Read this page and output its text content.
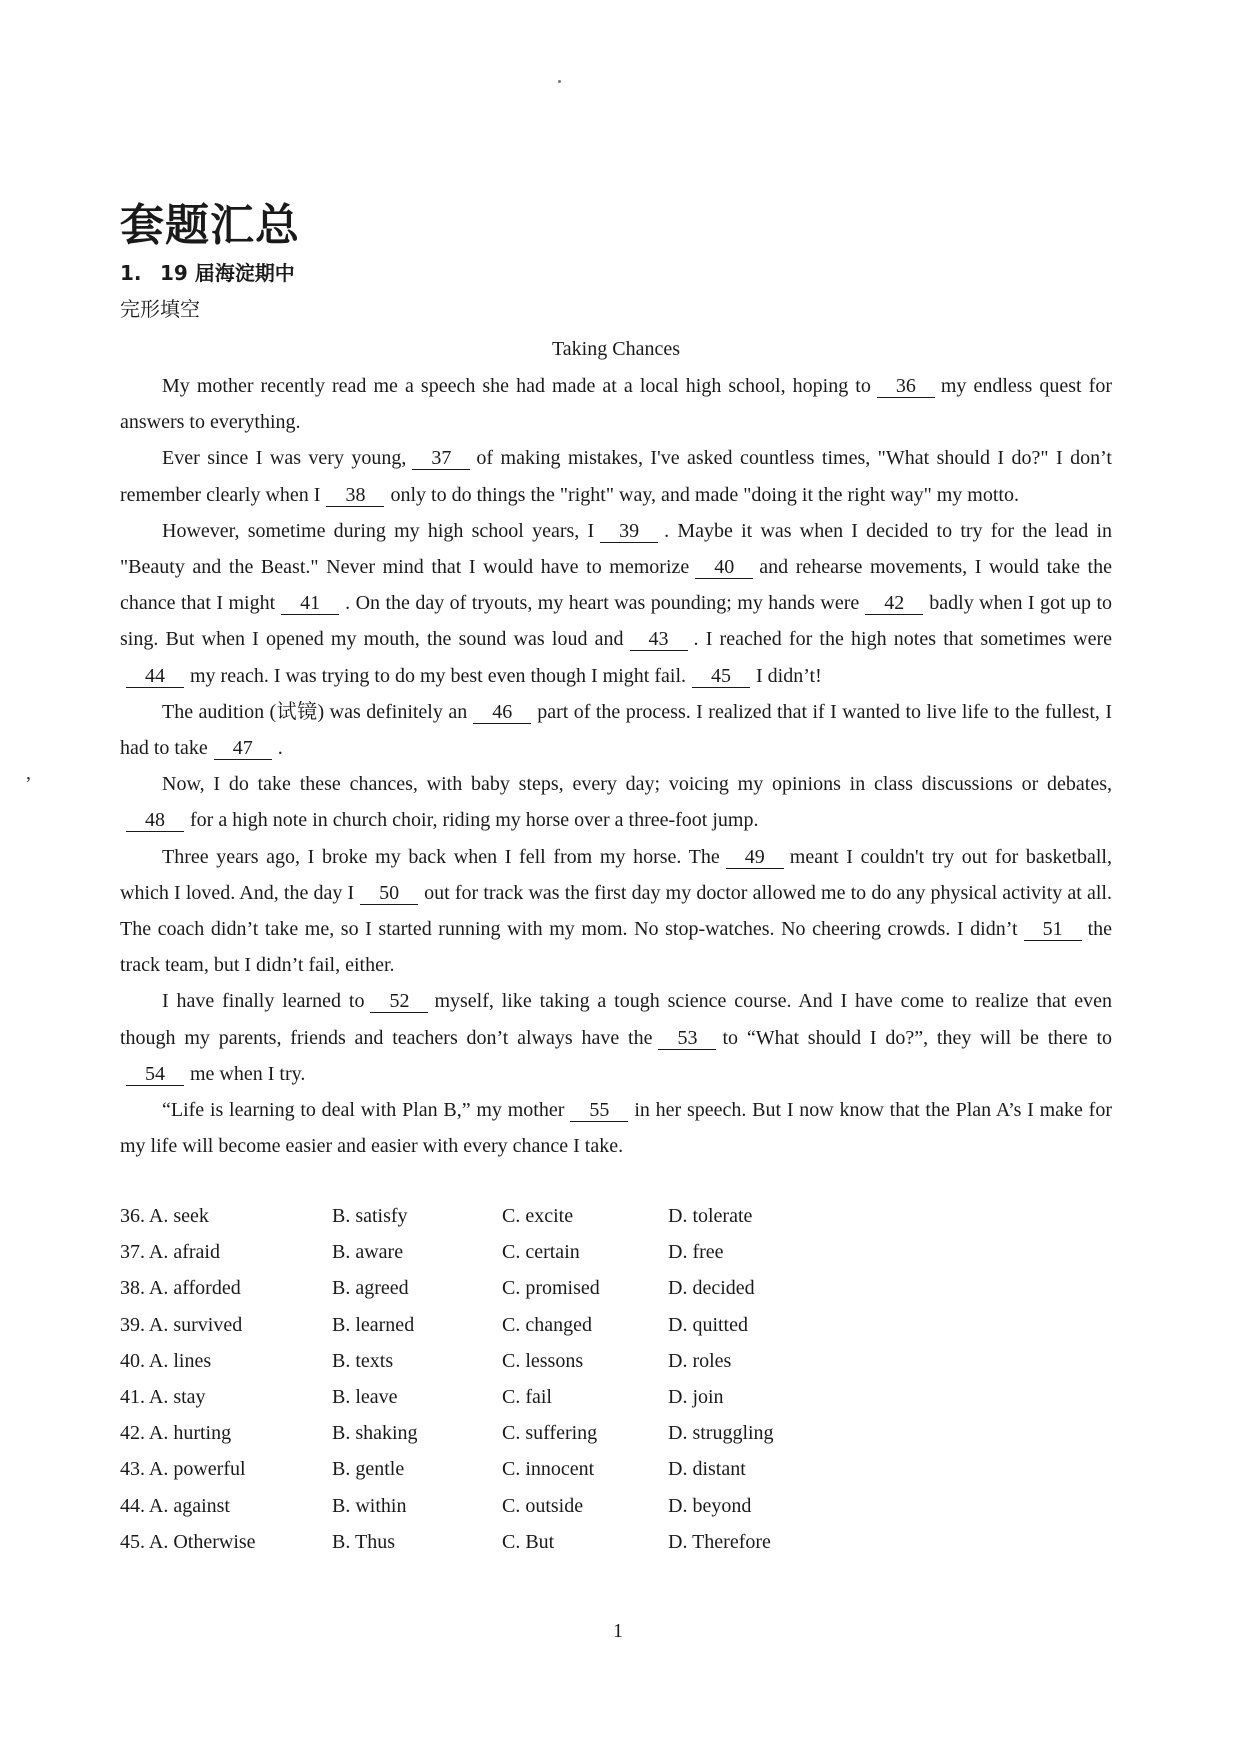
,
套题汇总
1. 19 届海淀期中
完形填空
Taking Chances

My mother recently read me a speech she had made at a local high school, hoping to 36 my endless quest for answers to everything.

Ever since I was very young, 37 of making mistakes, I've asked countless times, "What should I do?" I don’t remember clearly when I 38 only to do things the "right" way, and made "doing it the right way" my motto.

However, sometime during my high school years, I 39 . Maybe it was when I decided to try for the lead in "Beauty and the Beast." Never mind that I would have to memorize 40 and rehearse movements, I would take the chance that I might 41 . On the day of tryouts, my heart was pounding; my hands were 42 badly when I got up to sing. But when I opened my mouth, the sound was loud and 43 . I reached for the high notes that sometimes were44 my reach. I was trying to do my best even though I might fail. 45 I didn’t!

The audition (试镜) was definitely an 46 part of the process. I realized that if I wanted to live life to the fullest, I had to take 47 .

Now, I do take these chances, with baby steps, every day; voicing my opinions in class discussions or debates,48 for a high note in church choir, riding my horse over a three-foot jump.

Three years ago, I broke my back when I fell from my horse. The 49 meant I couldn't try out for basketball, which I loved. And, the day I 50 out for track was the first day my doctor allowed me to do any physical activity at all. The coach didn’t take me, so I started running with my mom. No stop-watches. No cheering crowds. I didn’t 51 the track team, but I didn’t fail, either.

I have finally learned to 52 myself, like taking a tough science course. And I have come to realize that even though my parents, friends and teachers don’t always have the 53 to “What should I do?”, they will be there to54 me when I try.

“Life is learning to deal with Plan B,” my mother 55 in her speech. But I now know that the Plan A’s I make for my life will become easier and easier with every chance I take.

36. A. seek	B. satisfy	C. excite	D. tolerate
37. A. afraid	B. aware	C. certain	D. free
38. A. afforded	B. agreed	C. promised	D. decided
39. A. survived	B. learned	C. changed	D. quitted
40. A. lines	B. texts	C. lessons	D. roles
41. A. stay	B. leave	C. fail	D. join
42. A. hurting	B. shaking	C. suffering	D. struggling
43. A. powerful	B. gentle	C. innocent	D. distant
44. A. against	B. within	C. outside	D. beyond
45. A. Otherwise	B. Thus	C. But	D. Therefore
1
